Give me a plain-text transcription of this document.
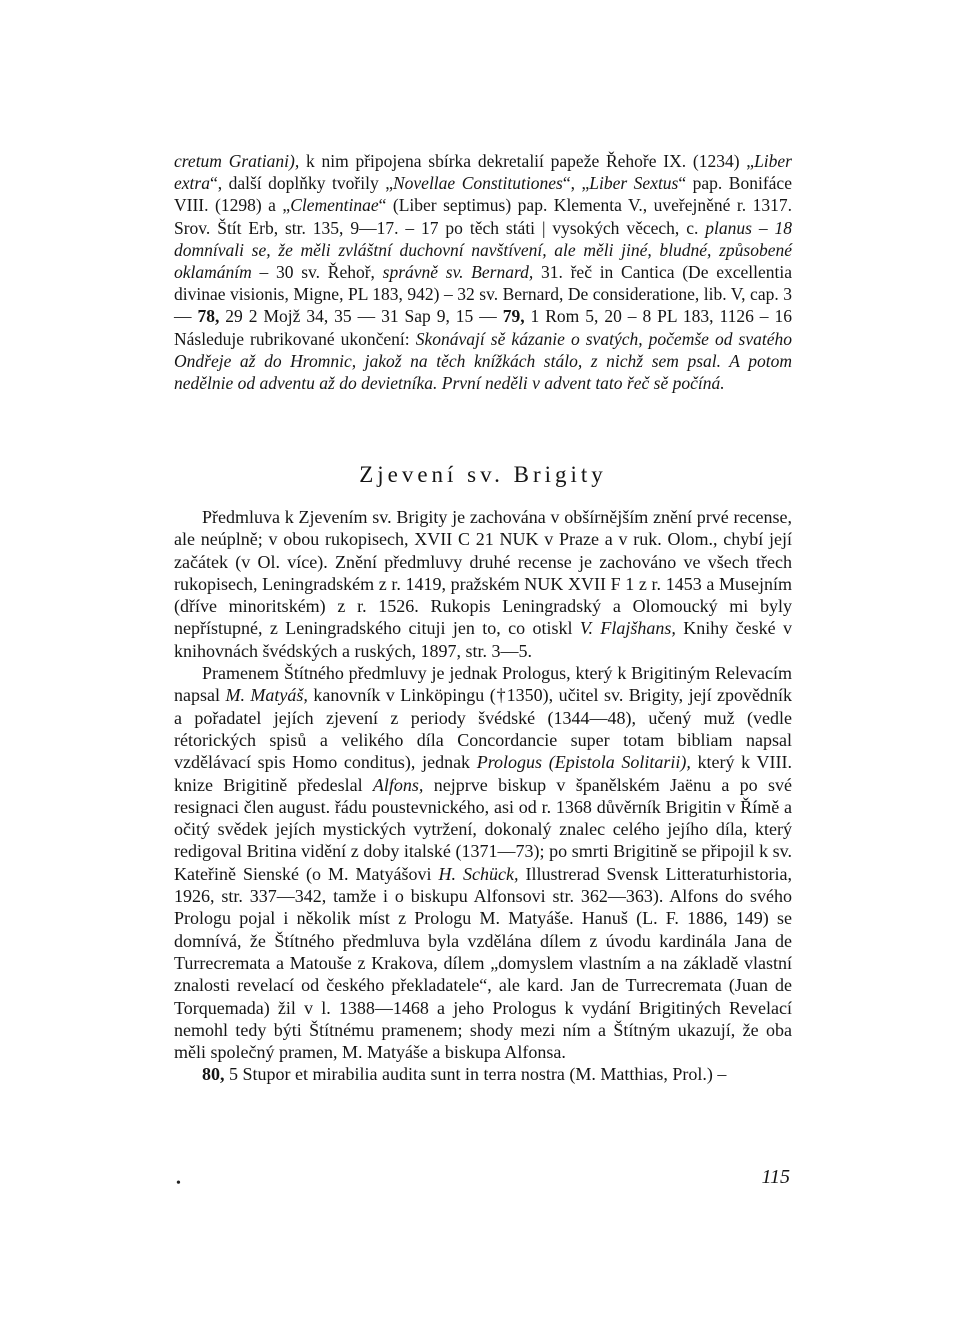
cretum Gratiani), k nim připojena sbírka dekretalií papeže Řehoře IX. (1234) „Liber extra“, další doplňky tvořily „Novellae Constitutiones“, „Liber Sextus“ pap. Bonifáce VIII. (1298) a „Clementinae“ (Liber septimus) pap. Klementa V., uveřejněné r. 1317. Srov. Štít Erb, str. 135, 9—17. – 17 po těch státi | vysokých věcech, c. planus – 18 domnívali se, že měli zvláštní duchovní navštívení, ale měli jiné, bludné, způsobené oklamáním – 30 sv. Řehoř, správně sv. Bernard, 31. řeč in Cantica (De excellentia divinae visionis, Migne, PL 183, 942) – 32 sv. Bernard, De consideratione, lib. V, cap. 3 — 78, 29 2 Mojž 34, 35 — 31 Sap 9, 15 — 79, 1 Rom 5, 20 – 8 PL 183, 1126 – 16 Následuje rubrikované ukončení: Skonávají sě kázanie o svatých, počemše od svatého Ondřeje až do Hromnic, jakož na těch knížkách stálo, z nichž sem psal. A potom nedělnie od adventu až do devietníka. První neděli v advent tato řeč sě počíná.
Zjevení sv. Brigity

Předmluva k Zjevením sv. Brigity je zachována v obšírnějším znění prvé recense, ale neúplně; v obou rukopisech, XVII C 21 NUK v Praze a v ruk. Olom., chybí její začátek (v Ol. více). Znění předmluvy druhé recense je zachováno ve všech třech rukopisech, Leningradském z r. 1419, pražském NUK XVII F 1 z r. 1453 a Musejním (dříve minoritském) z r. 1526. Rukopis Leningradský a Olomoucký mi byly nepřístupné, z Leningradského cituji jen to, co otiskl V. Flajšhans, Knihy české v knihovnách švédských a ruských, 1897, str. 3—5.

Pramenem Štítného předmluvy je jednak Prologus, který k Brigitiným Relevacím napsal M. Matyáš, kanovník v Linköpingu (†1350), učitel sv. Brigity, její zpovědník a pořadatel jejích zjevení z periody švédské (1344—48), učený muž (vedle rétorických spisů a velikého díla Concordancie super totam bibliam napsal vzdělávací spis Homo conditus), jednak Prologus (Epistola Solitarii), který k VIII. knize Brigitině předeslal Alfons, nejprve biskup v španělském Jaënu a po své resignaci člen august. řádu poustevnického, asi od r. 1368 důvěrník Brigitin v Římě a očitý svědek jejích mystických vytržení, dokonalý znalec celého jejího díla, který redigoval Britina vidění z doby italské (1371—73); po smrti Brigitině se připojil k sv. Kateřině Sienské (o M. Matyášovi H. Schück, Illustrerad Svensk Litteraturhistoria, 1926, str. 337—342, tamže i o biskupu Alfonsovi str. 362—363). Alfons do svého Prologu pojal i několik míst z Prologu M. Matyáše. Hanuš (L. F. 1886, 149) se domnívá, že Štítného předmluva byla vzdělána dílem z úvodu kardinála Jana de Turrecremata a Matouše z Krakova, dílem „domyslem vlastním a na základě vlastní znalosti revelací od českého překladatele“, ale kard. Jan de Turrecremata (Juan de Torquemada) žil v l. 1388—1468 a jeho Prologus k vydání Brigitiných Revelací nemohl tedy býti Štítnému pramenem; shody mezi ním a Štítným ukazují, že oba měli společný pramen, M. Matyáše a biskupa Alfonsa.

80, 5 Stupor et mirabilia audita sunt in terra nostra (M. Matthias, Prol.) –

•	115
